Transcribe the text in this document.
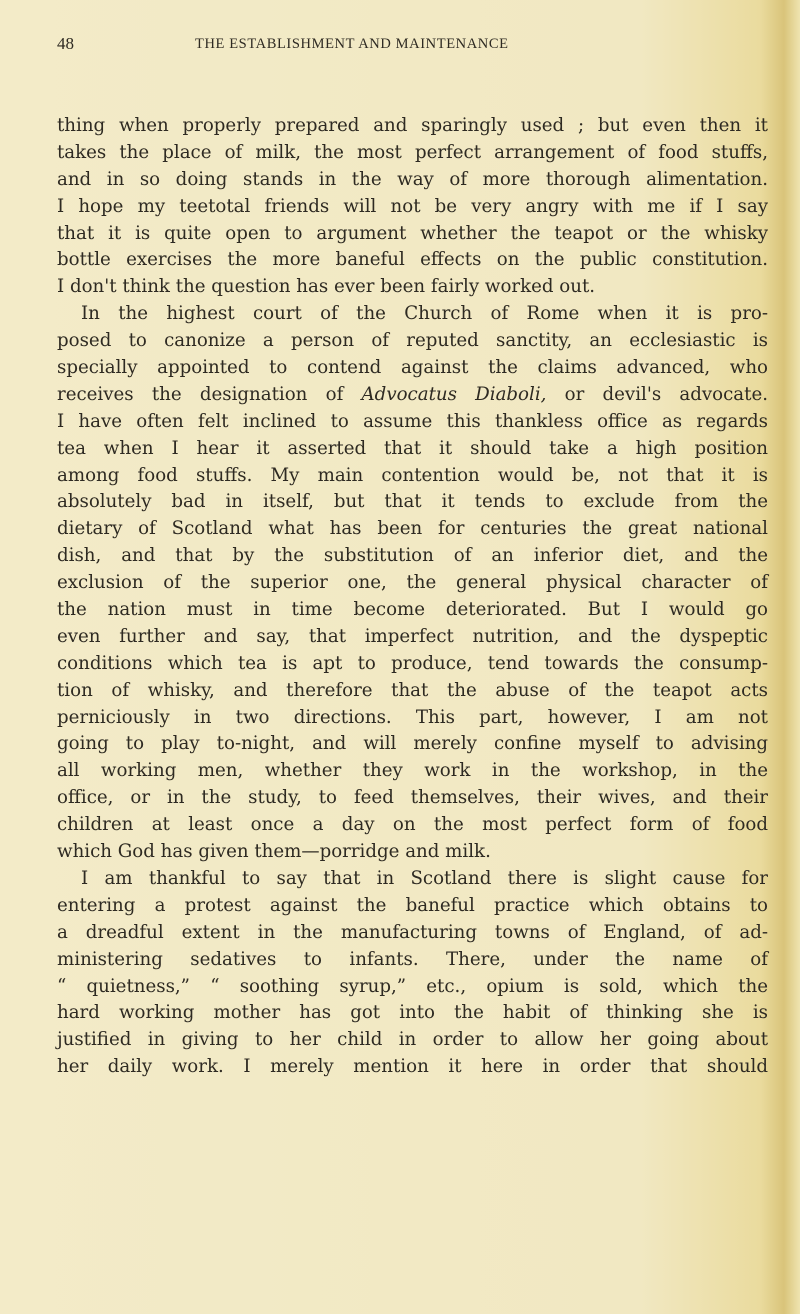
48	THE ESTABLISHMENT AND MAINTENANCE
thing when properly prepared and sparingly used ; but even then it
takes the place of milk, the most perfect arrangement of food stuffs,
and in so doing stands in the way of more thorough alimentation.
I hope my teetotal friends will not be very angry with me if I say
that it is quite open to argument whether the teapot or the whisky
bottle exercises the more baneful effects on the public constitution.
I don't think the question has ever been fairly worked out.
In the highest court of the Church of Rome when it is pro-
posed to canonize a person of reputed sanctity, an ecclesiastic is
specially appointed to contend against the claims advanced, who
receives the designation of Advocatus Diaboli, or devil's advocate.
I have often felt inclined to assume this thankless office as regards
tea when I hear it asserted that it should take a high position
among food stuffs. My main contention would be, not that it is
absolutely bad in itself, but that it tends to exclude from the
dietary of Scotland what has been for centuries the great national
dish, and that by the substitution of an inferior diet, and the
exclusion of the superior one, the general physical character of
the nation must in time become deteriorated. But I would go
even further and say, that imperfect nutrition, and the dyspeptic
conditions which tea is apt to produce, tend towards the consump-
tion of whisky, and therefore that the abuse of the teapot acts
perniciously in two directions. This part, however, I am not
going to play to-night, and will merely confine myself to advising
all working men, whether they work in the workshop, in the
office, or in the study, to feed themselves, their wives, and their
children at least once a day on the most perfect form of food
which God has given them—porridge and milk.
I am thankful to say that in Scotland there is slight cause for
entering a protest against the baneful practice which obtains to
a dreadful extent in the manufacturing towns of England, of ad-
ministering sedatives to infants. There, under the name of
“ quietness,” “ soothing syrup,” etc., opium is sold, which the
hard working mother has got into the habit of thinking she is
justified in giving to her child in order to allow her going about
her daily work. I merely mention it here in order that should
